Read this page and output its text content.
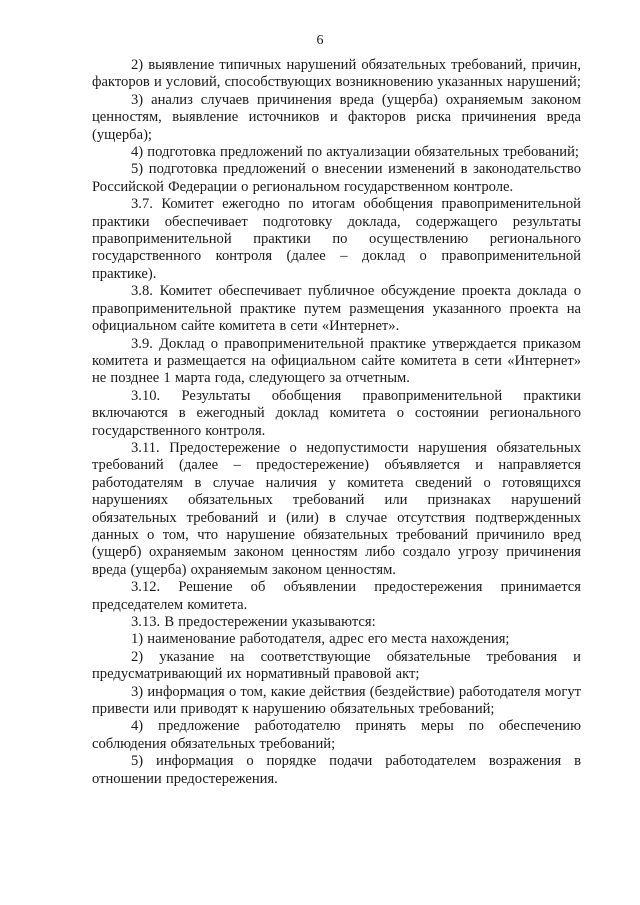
6

2) выявление типичных нарушений обязательных требований, причин, факторов и условий, способствующих возникновению указанных нарушений;

3) анализ случаев причинения вреда (ущерба) охраняемым законом ценностям, выявление источников и факторов риска причинения вреда (ущерба);

4) подготовка предложений по актуализации обязательных требований;

5) подготовка предложений о внесении изменений в законодательство Российской Федерации о региональном государственном контроле.

3.7. Комитет ежегодно по итогам обобщения правоприменительной практики обеспечивает подготовку доклада, содержащего результаты правоприменительной практики по осуществлению регионального государственного контроля (далее – доклад о правоприменительной практике).

3.8. Комитет обеспечивает публичное обсуждение проекта доклада о правоприменительной практике путем размещения указанного проекта на официальном сайте комитета в сети «Интернет».

3.9. Доклад о правоприменительной практике утверждается приказом комитета и размещается на официальном сайте комитета в сети «Интернет» не позднее 1 марта года, следующего за отчетным.

3.10. Результаты обобщения правоприменительной практики включаются в ежегодный доклад комитета о состоянии регионального государственного контроля.

3.11. Предостережение о недопустимости нарушения обязательных требований (далее – предостережение) объявляется и направляется работодателям в случае наличия у комитета сведений о готовящихся нарушениях обязательных требований или признаках нарушений обязательных требований и (или) в случае отсутствия подтвержденных данных о том, что нарушение обязательных требований причинило вред (ущерб) охраняемым законом ценностям либо создало угрозу причинения вреда (ущерба) охраняемым законом ценностям.

3.12. Решение об объявлении предостережения принимается председателем комитета.

3.13. В предостережении указываются:

1) наименование работодателя, адрес его места нахождения;

2) указание на соответствующие обязательные требования и предусматривающий их нормативный правовой акт;

3) информация о том, какие действия (бездействие) работодателя могут привести или приводят к нарушению обязательных требований;

4) предложение работодателю принять меры по обеспечению соблюдения обязательных требований;

5) информация о порядке подачи работодателем возражения в отношении предостережения.
